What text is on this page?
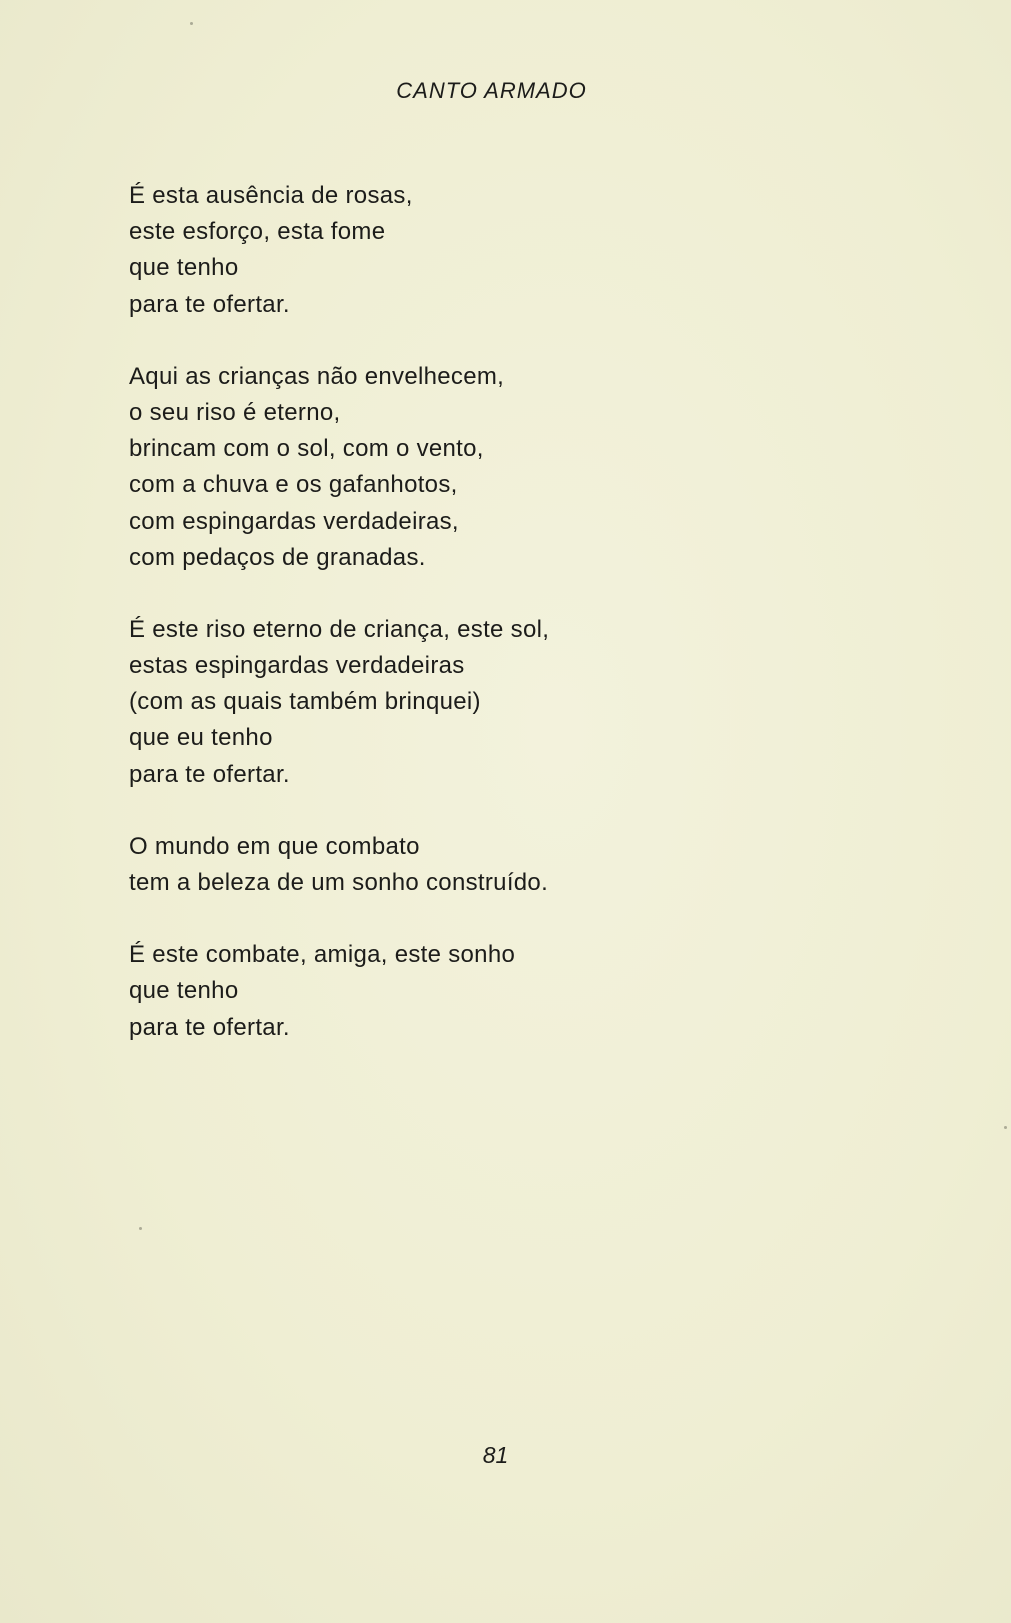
CANTO ARMADO
É esta ausência de rosas,
este esforço, esta fome
que tenho
para te ofertar.
Aqui as crianças não envelhecem,
o seu riso é eterno,
brincam com o sol, com o vento,
com a chuva e os gafanhotos,
com espingardas verdadeiras,
com pedaços de granadas.
É este riso eterno de criança, este sol,
estas espingardas verdadeiras
(com as quais também brinquei)
que eu tenho
para te ofertar.
O mundo em que combato
tem a beleza de um sonho construído.
É este combate, amiga, este sonho
que tenho
para te ofertar.
81
